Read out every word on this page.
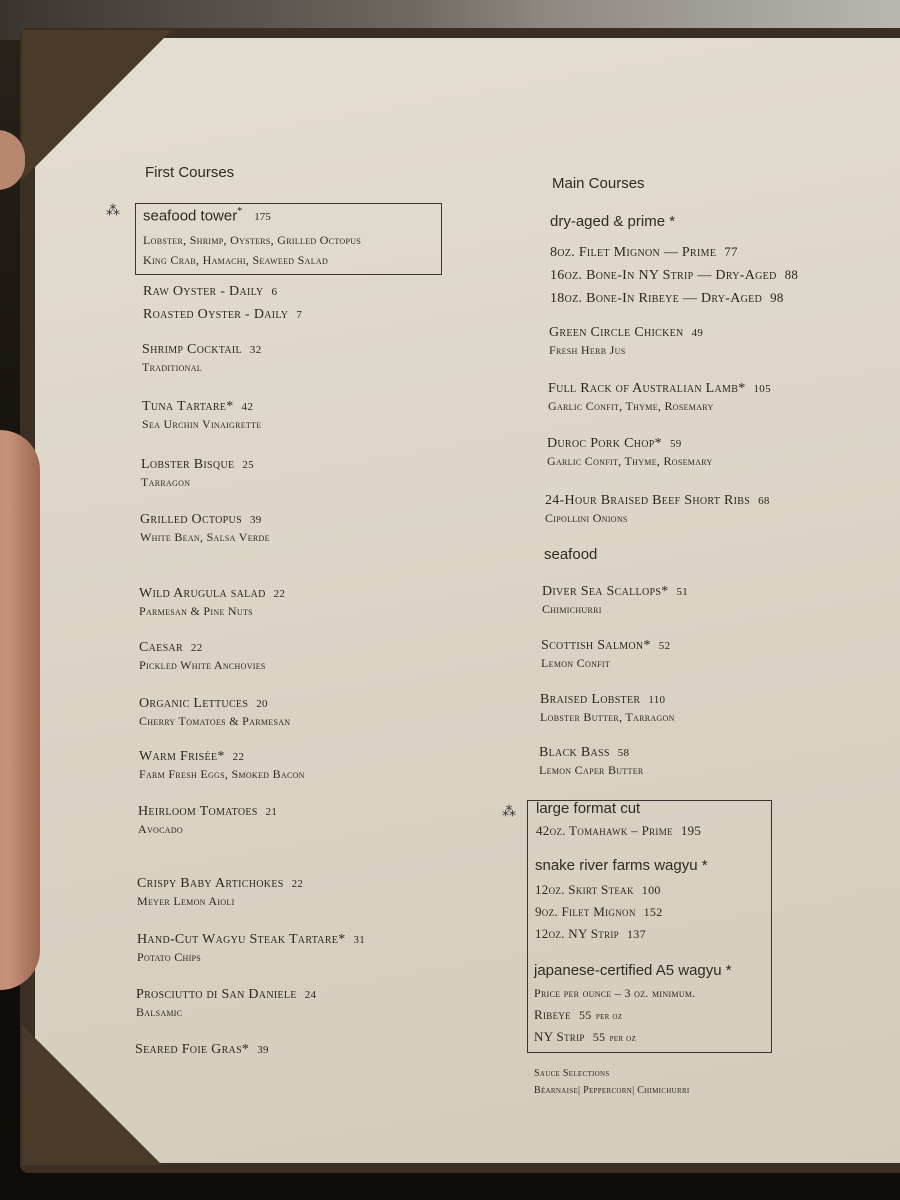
First Courses
⁂ seafood tower* 175
Lobster, Shrimp, Oysters, Grilled Octopus
King Crab, Hamachi, Seaweed Salad
Raw Oyster - Daily 6
Roasted Oyster - Daily 7
Shrimp Cocktail 32
Traditional
Tuna Tartare* 42
Sea Urchin Vinaigrette
Lobster Bisque 25
Tarragon
Grilled Octopus 39
White Bean, Salsa Verde
Wild Arugula salad 22
Parmesan & Pine Nuts
Caesar 22
Pickled White Anchovies
Organic Lettuces 20
Cherry Tomatoes & Parmesan
Warm Frisée* 22
Farm Fresh Eggs, Smoked Bacon
Heirloom Tomatoes 21
Avocado
Crispy Baby Artichokes 22
Meyer Lemon Aioli
Hand-Cut Wagyu Steak Tartare* 31
Potato Chips
Prosciutto di San Daniele 24
Balsamic
Seared Foie Gras* 39
Main Courses
dry-aged & prime *
8oz. Filet Mignon — Prime 77
16oz. Bone-In NY Strip — Dry-Aged 88
18oz. Bone-In Ribeye — Dry-Aged 98
Green Circle Chicken 49
Fresh Herb Jus
Full Rack of Australian Lamb* 105
Garlic Confit, Thyme, Rosemary
Duroc Pork Chop* 59
Garlic Confit, Thyme, Rosemary
24-Hour Braised Beef Short Ribs 68
Cipollini Onions
seafood
Diver Sea Scallops* 51
Chimichurri
Scottish Salmon* 52
Lemon Confit
Braised Lobster 110
Lobster Butter, Tarragon
Black Bass 58
Lemon Caper Butter
⁂ large format cut
42oz. Tomahawk – Prime 195
snake river farms wagyu *
12oz. Skirt Steak 100
9oz. Filet Mignon 152
12oz. NY Strip 137
japanese-certified A5 wagyu *
Price per ounce – 3 oz. minimum.
Ribeye 55 per oz
NY Strip 55 per oz
Sauce Selections
Béarnaise| Peppercorn| Chimichurri
